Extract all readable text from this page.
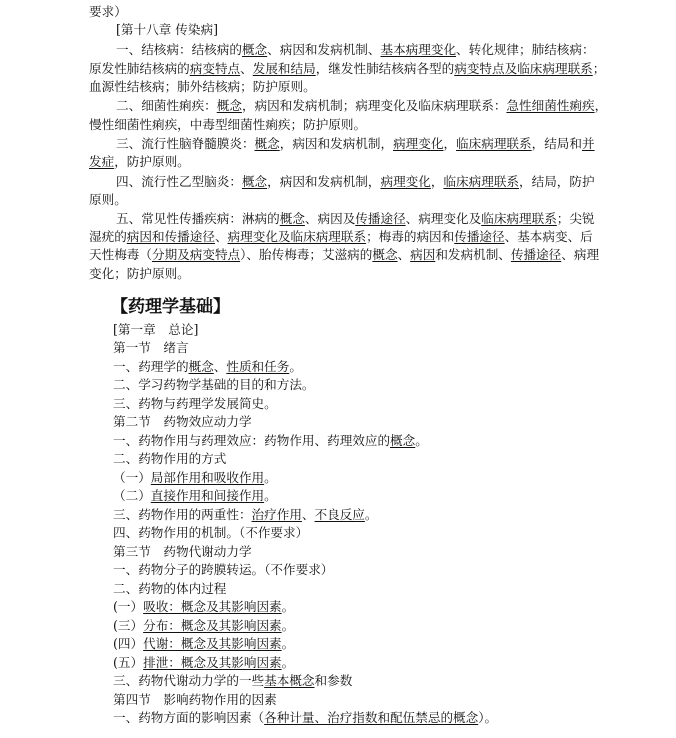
要求）
[第十八章 传染病]
一、结核病：结核病的概念、病因和发病机制、基本病理变化、转化规律；肺结核病：
原发性肺结核病的病变特点、发展和结局，继发性肺结核病各型的病变特点及临床病理联系；
血源性结核病；肺外结核病；防护原则。
二、细菌性痢疾：概念，病因和发病机制；病理变化及临床病理联系：急性细菌性痢疾，
慢性细菌性痢疾，中毒型细菌性痢疾；防护原则。
三、流行性脑脊髓膜炎：概念，病因和发病机制，病理变化，临床病理联系，结局和并
发症，防护原则。
四、流行性乙型脑炎：概念，病因和发病机制，病理变化，临床病理联系，结局，防护
原则。
五、常见性传播疾病：淋病的概念、病因及传播途径、病理变化及临床病理联系；尖锐
湿疣的病因和传播途径、病理变化及临床病理联系；梅毒的病因和传播途径、基本病变、后
天性梅毒（分期及病变特点）、胎传梅毒；艾滋病的概念、病因和发病机制、传播途径、病理
变化；防护原则。
【药理学基础】
[第一章　总论]
第一节　绪言
一、药理学的概念、性质和任务。
二、学习药物学基础的目的和方法。
三、药物与药理学发展简史。
第二节　药物效应动力学
一、药物作用与药理效应：药物作用、药理效应的概念。
二、药物作用的方式
（一）局部作用和吸收作用。
（二）直接作用和间接作用。
三、药物作用的两重性：治疗作用、不良反应。
四、药物作用的机制。（不作要求）
第三节　药物代谢动力学
一、药物分子的跨膜转运。（不作要求）
二、药物的体内过程
(一）吸收：概念及其影响因素。
(三）分布：概念及其影响因素。
(四）代谢：概念及其影响因素。
(五）排泄：概念及其影响因素。
三、药物代谢动力学的一些基本概念和参数
第四节　影响药物作用的因素
一、药物方面的影响因素（各种计量、治疗指数和配伍禁忌的概念）。
